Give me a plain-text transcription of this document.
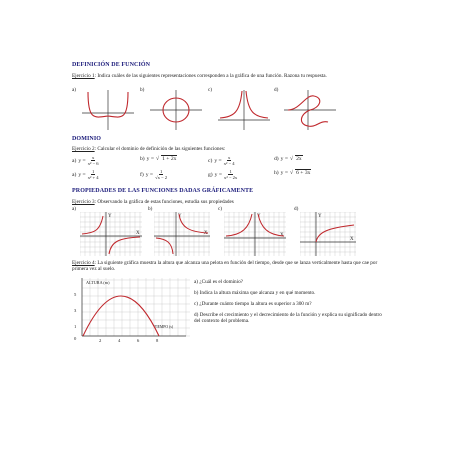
DEFINICIÓN DE FUNCIÓN
Ejercicio 1: Indica cuáles de las siguientes representaciones corresponden a la gráfica de una función. Razona tu respuesta.
a)	b)	c)	d)
DOMINIO
Ejercicio 2: Calcular el dominio de definición de las siguientes funciones:
a) $y = \frac{x}{\text{x² − 6}}$	b) y = √ 1 + 2x	c) $y = \frac{x}{\text{x² − 4}}$	d) y = √ 2x
a) $y = \frac{1}{\text{x² + 4}}$	f) $y = \frac{1}{√x - 2}$	g) $y = \frac{1}{\text{x² − 2x}}$	h) y = √ 6 + 3x
PROPIEDADES DE LAS FUNCIONES DADAS GRÁFICAMENTE
Ejercicio 3: Observando la gráfica de estas funciones, estudia sus propiedades
a)	b)	c)	d)
X
Y
X
Y
X
Y
X
Y
Ejercicio 4: La siguiente gráfica muestra la altura que alcanza una pelota en función del tiempo, desde que se lanza verticalmente hasta que cae por primera vez al suelo.
ALTURA (m)
TIEMPO (s)
5
3
1
0	2	4	6	8
a) ¿Cuál es el dominio?
b) Indica la altura máxima que alcanza y en qué momento.
c) ¿Durante cuánto tiempo la altura es superior a 300 m?
d) Describe el crecimiento y el decrecimiento de la función y explica su significado dentro del contexto del problema.
